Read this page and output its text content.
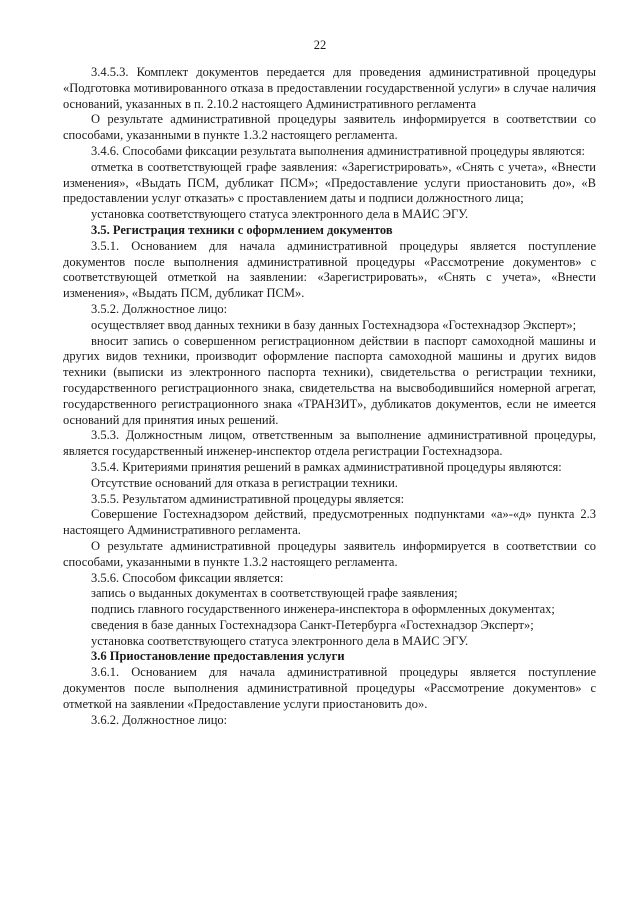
22

3.4.5.3. Комплект документов передается для проведения административной процедуры «Подготовка мотивированного отказа в предоставлении государственной услуги» в случае наличия оснований, указанных в п. 2.10.2 настоящего Административного регламента

О результате административной процедуры заявитель информируется в соответствии со способами, указанными в пункте 1.3.2 настоящего регламента.

3.4.6. Способами фиксации результата выполнения административной процедуры являются:

отметка в соответствующей графе заявления: «Зарегистрировать», «Снять с учета», «Внести изменения», «Выдать ПСМ, дубликат ПСМ»; «Предоставление услуги приостановить до», «В предоставлении услуг отказать» с проставлением даты и подписи должностного лица;

установка соответствующего статуса электронного дела в МАИС ЭГУ.

3.5. Регистрация техники с оформлением документов

3.5.1. Основанием для начала административной процедуры является поступление документов после выполнения административной процедуры «Рассмотрение документов» с соответствующей отметкой на заявлении: «Зарегистрировать», «Снять с учета», «Внести изменения», «Выдать ПСМ, дубликат ПСМ».

3.5.2. Должностное лицо:

осуществляет ввод данных техники в базу данных Гостехнадзора «Гостехнадзор Эксперт»;

вносит запись о совершенном регистрационном действии в паспорт самоходной машины и других видов техники, производит оформление паспорта самоходной машины и других видов техники (выписки из электронного паспорта техники), свидетельства о регистрации техники, государственного регистрационного знака, свидетельства на высвободившийся номерной агрегат, государственного регистрационного знака «ТРАНЗИТ», дубликатов документов, если не имеется оснований для принятия иных решений.

3.5.3. Должностным лицом, ответственным за выполнение административной процедуры, является государственный инженер-инспектор отдела регистрации Гостехнадзора.

3.5.4. Критериями принятия решений в рамках административной процедуры являются:

Отсутствие оснований для отказа в регистрации техники.

3.5.5. Результатом административной процедуры является:

Совершение Гостехнадзором действий, предусмотренных подпунктами «а»-«д» пункта 2.3 настоящего Административного регламента.

О результате административной процедуры заявитель информируется в соответствии со способами, указанными в пункте 1.3.2 настоящего регламента.

3.5.6. Способом фиксации является:

запись о выданных документах в соответствующей графе заявления;

подпись главного государственного инженера-инспектора в оформленных документах;

сведения в базе данных Гостехнадзора Санкт-Петербурга «Гостехнадзор Эксперт»;

установка соответствующего статуса электронного дела в МАИС ЭГУ.

3.6 Приостановление предоставления услуги

3.6.1. Основанием для начала административной процедуры является поступление документов после выполнения административной процедуры «Рассмотрение документов» с отметкой на заявлении «Предоставление услуги приостановить до».

3.6.2. Должностное лицо:
